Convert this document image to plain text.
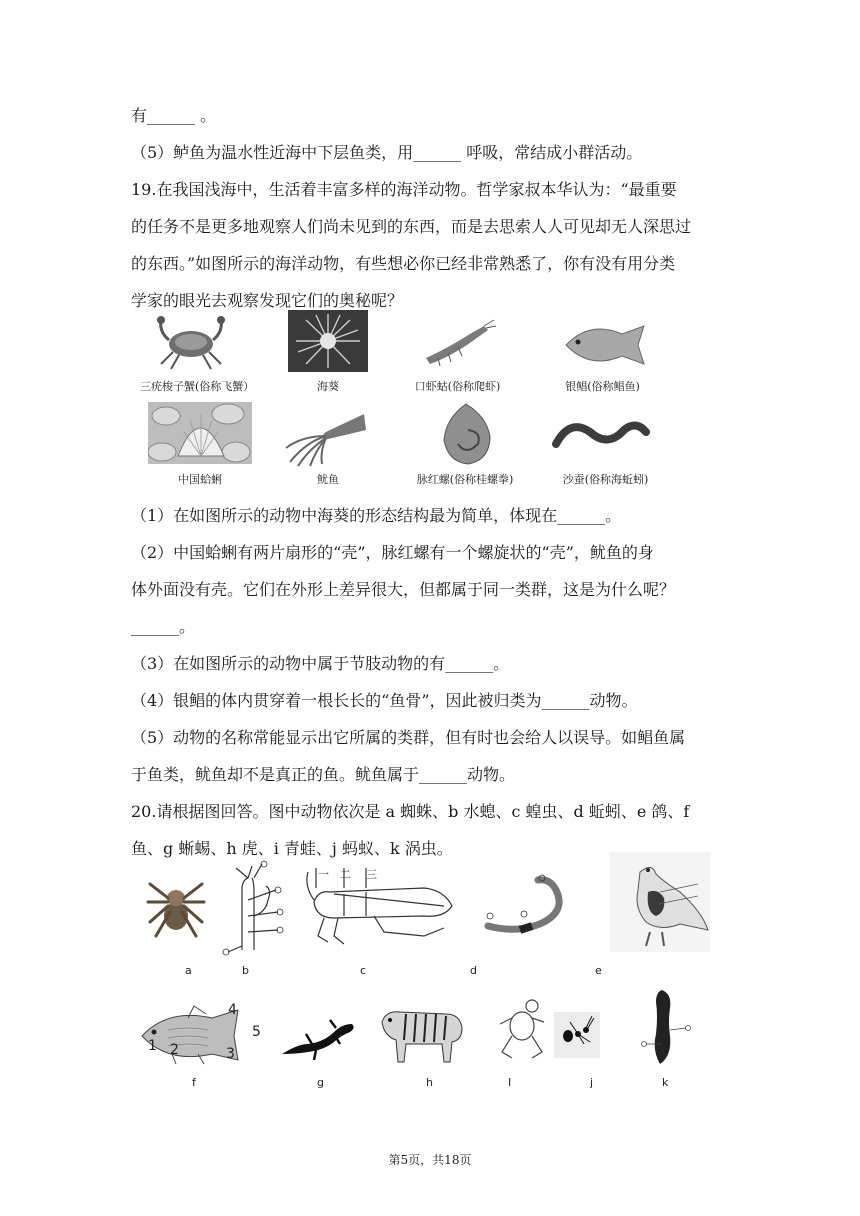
有______ 。
（5）鲈鱼为温水性近海中下层鱼类，用______ 呼吸，常结成小群活动。
19.在我国浅海中，生活着丰富多样的海洋动物。哲学家叔本华认为：“最重要
的任务不是更多地观察人们尚未见到的东西，而是去思索人人可见却无人深思过
的东西。”如图所示的海洋动物，有些想必你已经非常熟悉了，你有没有用分类
学家的眼光去观察发现它们的奥秘呢？
三疣梭子蟹(俗称飞蟹）	海葵	口虾蛄(俗称爬虾)	银鲳(俗称鲳鱼)
中国蛤蜊	鱿鱼	脉红螺(俗称桂螺拳)	沙蚕(俗称海蚯蚓)
（1）在如图所示的动物中海葵的形态结构最为简单，体现在______。
（2）中国蛤蜊有两片扇形的“壳”，脉红螺有一个螺旋状的“壳”，鱿鱼的身
体外面没有壳。它们在外形上差异很大，但都属于同一类群，这是为什么呢？
______。
（3）在如图所示的动物中属于节肢动物的有______。
（4）银鲳的体内贯穿着一根长长的“鱼骨”，因此被归类为______动物。
（5）动物的名称常能显示出它所属的类群，但有时也会给人以误导。如鲳鱼属
于鱼类，鱿鱼却不是真正的鱼。鱿鱼属于______动物。
20.请根据图回答。图中动物依次是 a 蜘蛛、b 水螅、c 蝗虫、d 蚯蚓、e 鸽、f
鱼、g 蜥蜴、h 虎、i 青蛙、j 蚂蚁、k 涡虫。
a	b
一 二 三
c	d	e
1 2	3
4
5
f	g	h	I	j	k
第5页，共18页
